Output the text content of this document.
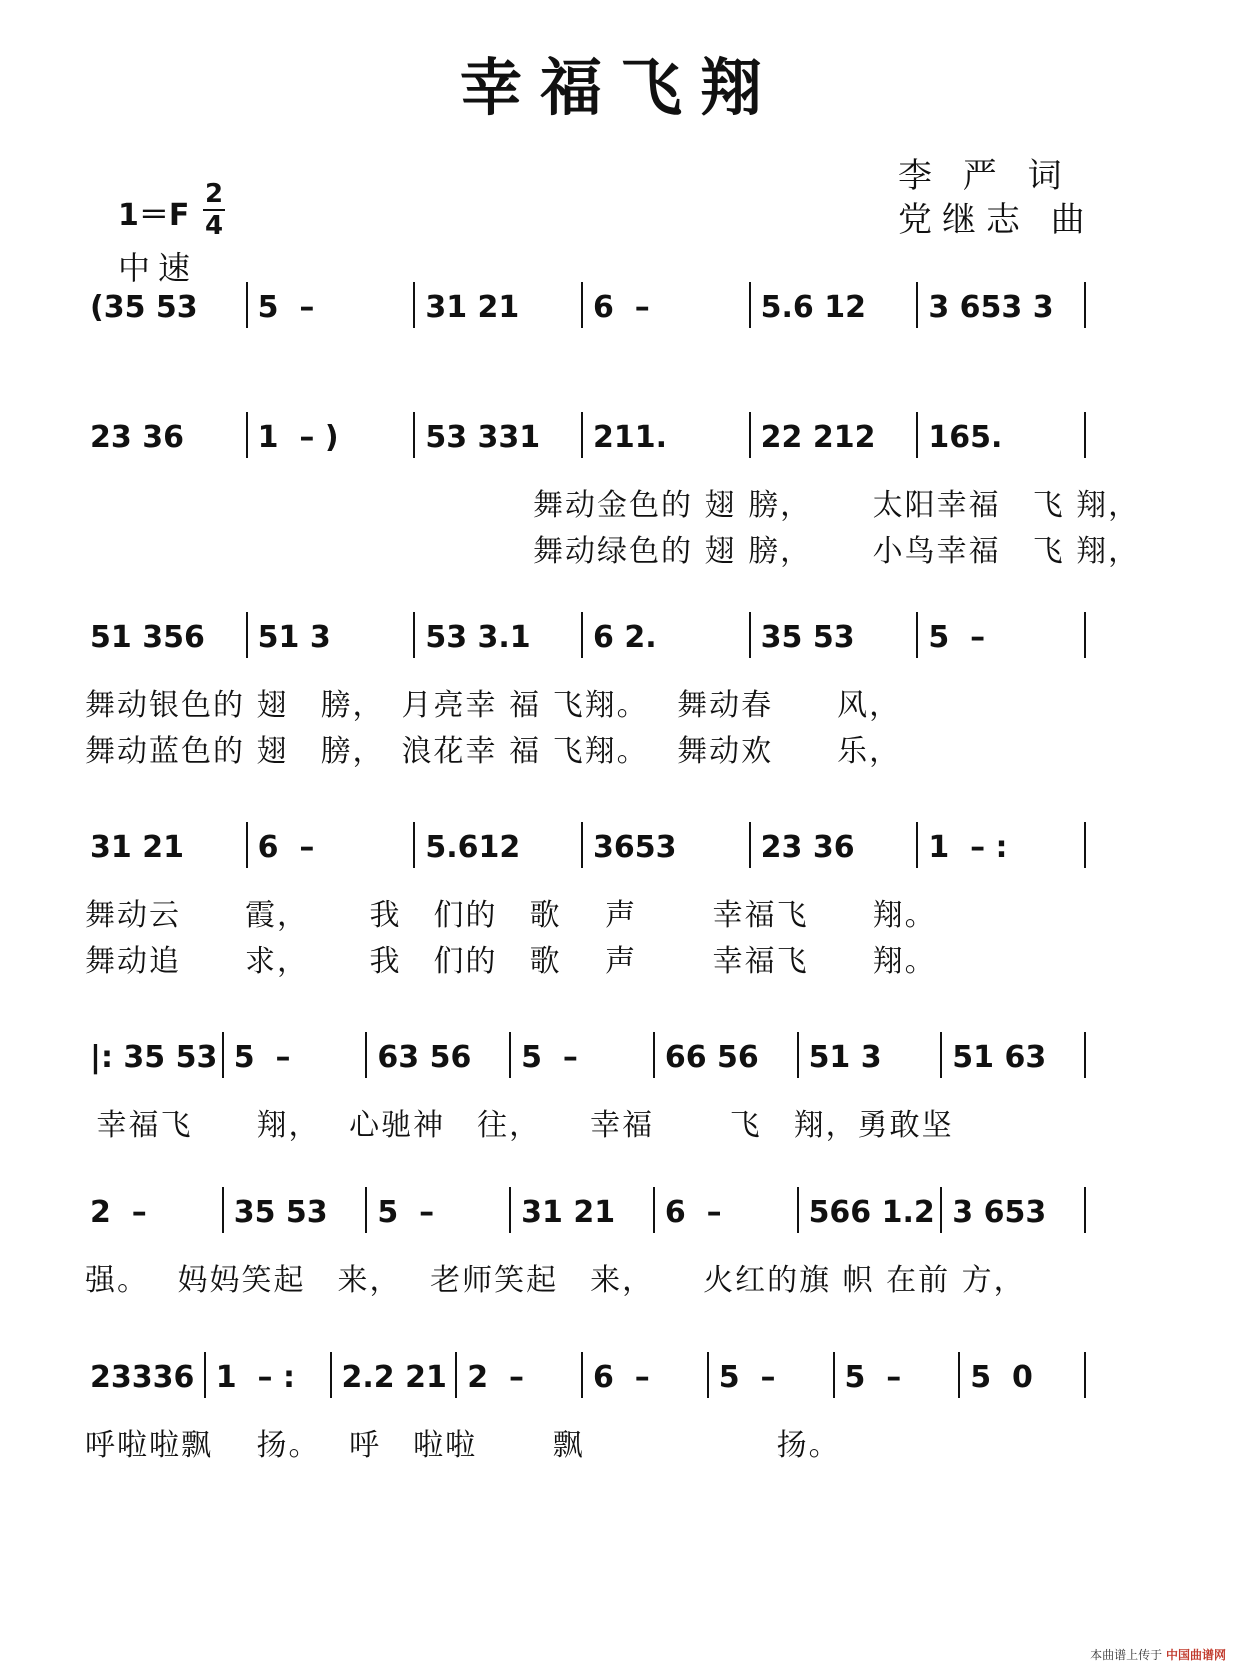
幸福飞翔
1＝F
2
4
中速
李 严 词
党继志 曲
(35 53 5  –	31 21 6  –	5.6 12 3 653 3
23 36 1  – )	53 331 211.	22 212 165.
　　　　　　　　　　　　　　舞动金色的 翅 膀，　　 太阳幸福　飞 翔，
　　　　　　　　　　　　　　舞动绿色的 翅 膀，　　 小鸟幸福　飞 翔，
51 356 51 3	53 3.1 6 2.	35 53 5  –
舞动银色的 翅　膀，　月亮幸 福 飞翔。　 舞动春　　风，
舞动蓝色的 翅　膀，　浪花幸 福 飞翔。　 舞动欢　　乐，
31 21 6  –	5.612 3653	23 36 1  – :
舞动云　　霞，　　 我　们的　歌　 声　　 幸福飞　　翔。
舞动追　　求，　　 我　们的　歌　 声　　 幸福飞　　翔。
|: 35 53 5  –	63 56 5  –	66 56 51 3 51 63
幸福飞　　翔，　 心驰神　往，　　幸福　　 飞　翔，勇敢坚
2  –	35 53 5  –	31 21 6  –	566 1.2 3 653
强。　 妈妈笑起　来，　 老师笑起　来，　　火红的旗 帜 在前 方，
23336 1  – : 2.2 21 2  – 6  – 5  – 5  – 5  0
呼啦啦飘　 扬。　 呼　啦啦　　 飘　　　　　　扬。
本曲谱上传于 中国曲谱网
